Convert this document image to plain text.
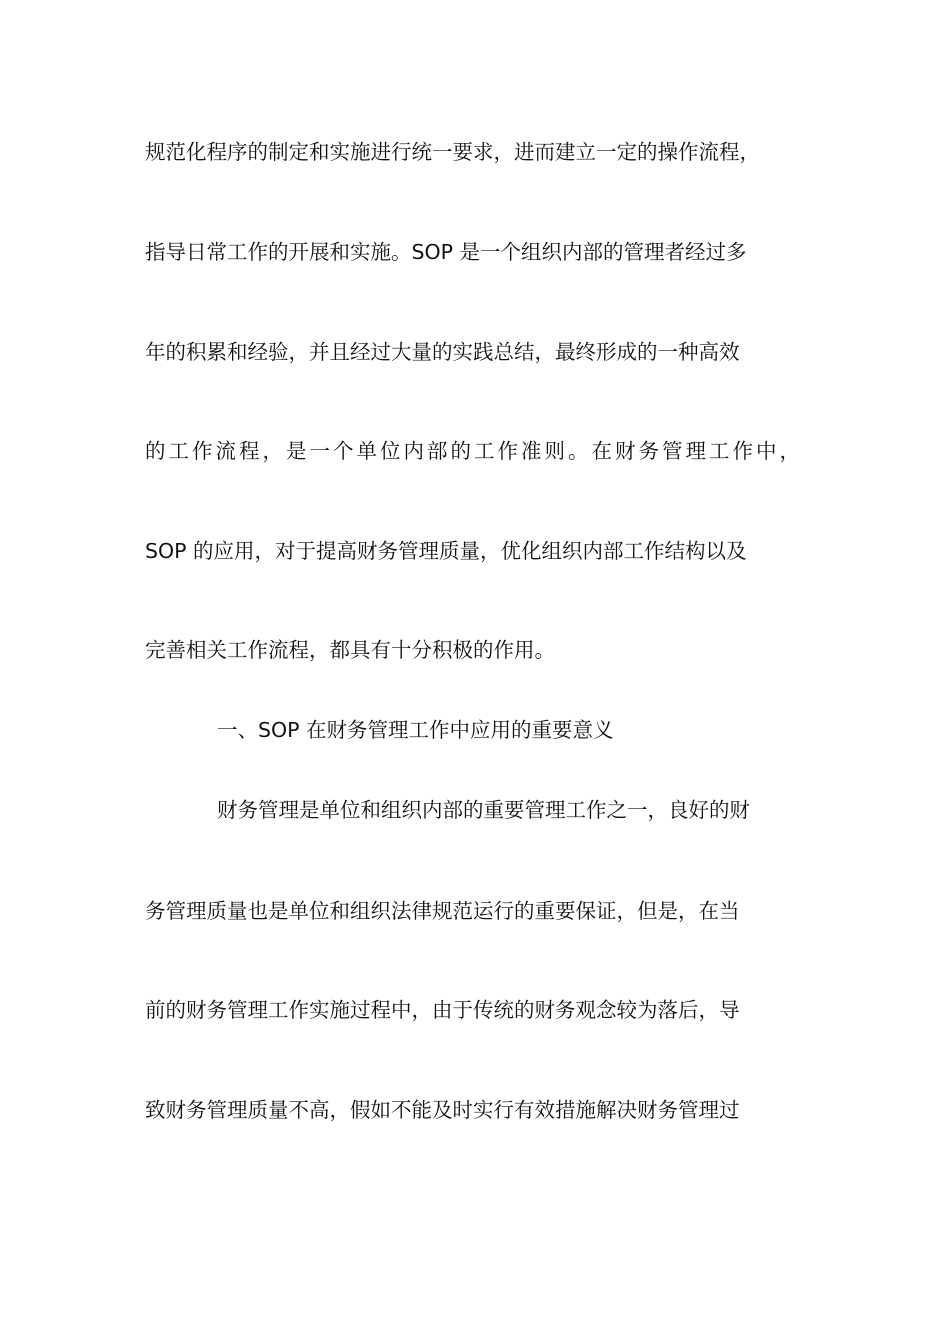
规范化程序的制定和实施进行统一要求，进而建立一定的操作流程，
指导日常工作的开展和实施。SOP 是一个组织内部的管理者经过多
年的积累和经验，并且经过大量的实践总结，最终形成的一种高效
的工作流程，是一个单位内部的工作准则。在财务管理工作中，
SOP 的应用，对于提高财务管理质量，优化组织内部工作结构以及
完善相关工作流程，都具有十分积极的作用。
一、SOP 在财务管理工作中应用的重要意义
财务管理是单位和组织内部的重要管理工作之一，良好的财
务管理质量也是单位和组织法律规范运行的重要保证，但是，在当
前的财务管理工作实施过程中，由于传统的财务观念较为落后，导
致财务管理质量不高，假如不能及时实行有效措施解决财务管理过
